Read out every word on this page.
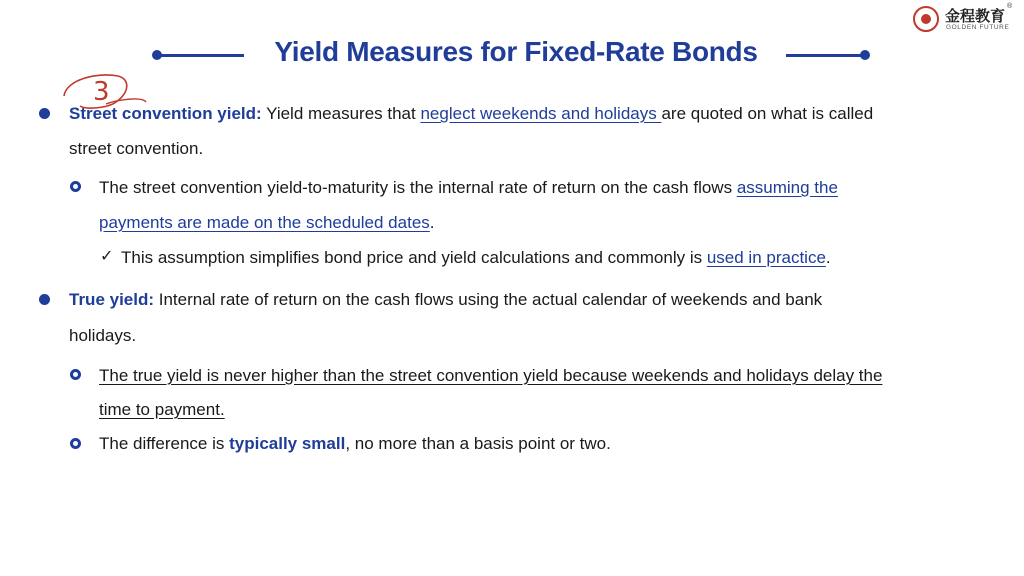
金程教育
GOLDEN FUTURE
®
Yield Measures for Fixed-Rate Bonds
3
Street convention yield: Yield measures that neglect weekends and holidays are quoted on what is called
street convention.
The street convention yield-to-maturity is the internal rate of return on the cash flows assuming the
payments are made on the scheduled dates.
✓ This assumption simplifies bond price and yield calculations and commonly is used in practice.
True yield: Internal rate of return on the cash flows using the actual calendar of weekends and bank
holidays.
The true yield is never higher than the street convention yield because weekends and holidays delay the
time to payment.
The difference is typically small, no more than a basis point or two.
